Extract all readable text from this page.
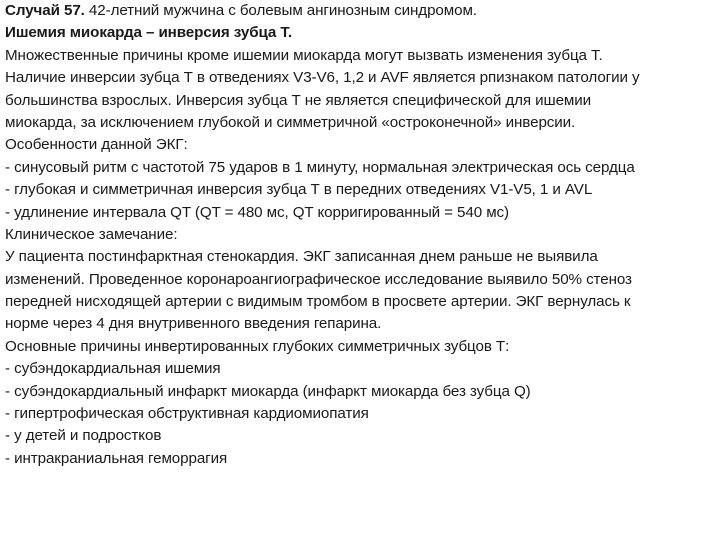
Случай 57. 42-летний мужчина с болевым ангинозным синдромом.
Ишемия миокарда – инверсия зубца Т.
Множественные причины кроме ишемии миокарда могут вызвать изменения зубца Т.
Наличие инверсии зубца Т в отведениях V3-V6, 1,2 и AVF является рпизнаком патологии у
большинства взрослых. Инверсия зубца Т не является специфической для ишемии
миокарда, за исключением глубокой и симметричной «остроконечной» инверсии.
Особенности данной ЭКГ:
- синусовый ритм с частотой 75 ударов в 1 минуту, нормальная электрическая ось сердца
- глубокая и симметричная инверсия зубца Т в передних отведениях V1-V5, 1 и AVL
- удлинение интервала QT (QT = 480 мс, QT корригированный = 540 мс)
Клиническое замечание:
У пациента постинфарктная стенокардия. ЭКГ записанная днем раньше не выявила
изменений. Проведенное коронароангиографическое исследование выявило 50% стеноз
передней нисходящей артерии с видимым тромбом в просвете артерии. ЭКГ вернулась к
норме через 4 дня внутривенного введения гепарина.
Основные причины инвертированных глубоких симметричных зубцов Т:
- субэндокардиальная ишемия
- субэндокардиальный инфаркт миокарда (инфаркт миокарда без зубца Q)
- гипертрофическая обструктивная кардиомиопатия
- у детей и подростков
- интракраниальная геморрагия
